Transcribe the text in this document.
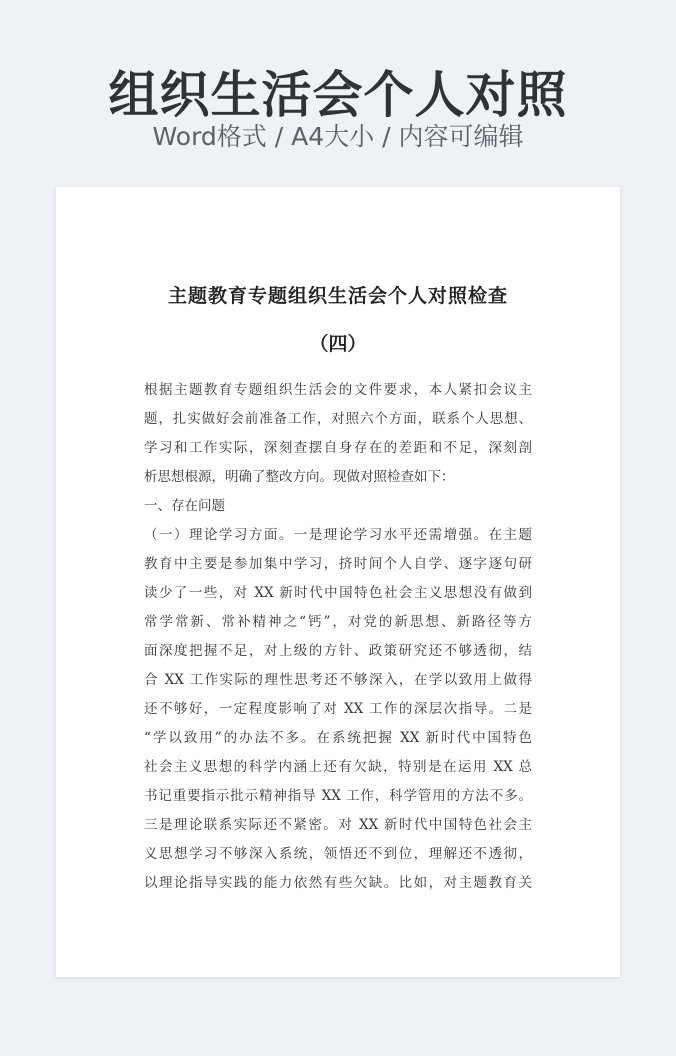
组织生活会个人对照
Word格式 / A4大小 / 内容可编辑
主题教育专题组织生活会个人对照检查
（四）
根据主题教育专题组织生活会的文件要求，本人紧扣会议主
题，扎实做好会前准备工作，对照六个方面，联系个人思想、
学习和工作实际，深刻查摆自身存在的差距和不足，深刻剖
析思想根源，明确了整改方向。现做对照检查如下：
一、存在问题
（一）理论学习方面。一是理论学习水平还需增强。在主题
教育中主要是参加集中学习，挤时间个人自学、逐字逐句研
读少了一些，对 XX 新时代中国特色社会主义思想没有做到
常学常新、常补精神之“钙”，对党的新思想、新路径等方
面深度把握不足，对上级的方针、政策研究还不够透彻，结
合 XX 工作实际的理性思考还不够深入，在学以致用上做得
还不够好，一定程度影响了对 XX 工作的深层次指导。二是
“学以致用”的办法不多。在系统把握 XX 新时代中国特色
社会主义思想的科学内涵上还有欠缺，特别是在运用 XX 总
书记重要指示批示精神指导 XX 工作，科学管用的方法不多。
三是理论联系实际还不紧密。对 XX 新时代中国特色社会主
义思想学习不够深入系统，领悟还不到位，理解还不透彻，
以理论指导实践的能力依然有些欠缺。比如，对主题教育关
